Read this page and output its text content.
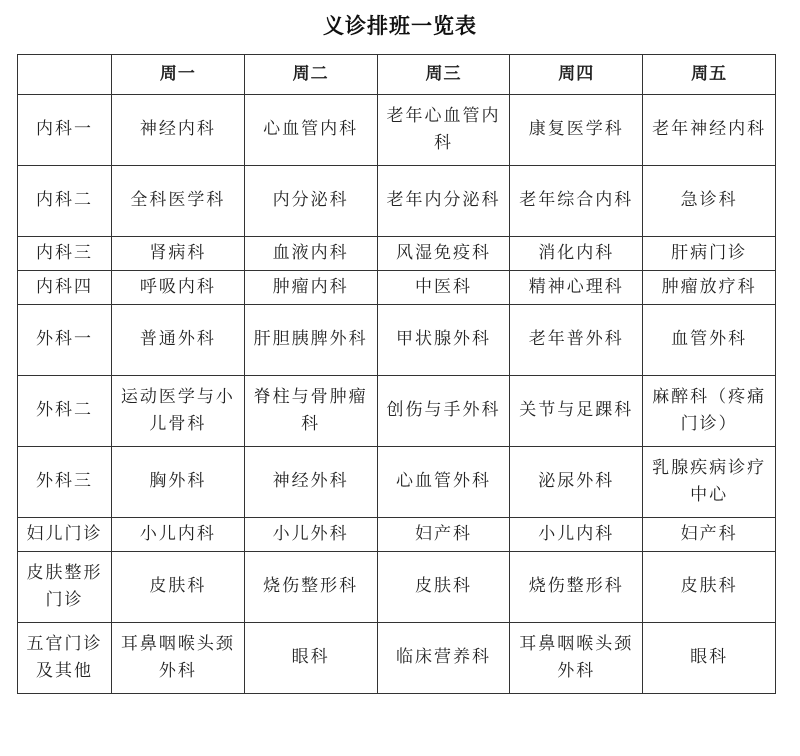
义诊排班一览表
	周一	周二	周三	周四	周五
内科一	神经内科	心血管内科	老年心血管内科	康复医学科	老年神经内科
内科二	全科医学科	内分泌科	老年内分泌科	老年综合内科	急诊科
内科三	肾病科	血液内科	风湿免疫科	消化内科	肝病门诊
内科四	呼吸内科	肿瘤内科	中医科	精神心理科	肿瘤放疗科
外科一	普通外科	肝胆胰脾外科	甲状腺外科	老年普外科	血管外科
外科二	运动医学与小儿骨科	脊柱与骨肿瘤科	创伤与手外科	关节与足踝科	麻醉科（疼痛门诊）
外科三	胸外科	神经外科	心血管外科	泌尿外科	乳腺疾病诊疗中心
妇儿门诊	小儿内科	小儿外科	妇产科	小儿内科	妇产科
皮肤整形门诊	皮肤科	烧伤整形科	皮肤科	烧伤整形科	皮肤科
五官门诊及其他	耳鼻咽喉头颈外科	眼科	临床营养科	耳鼻咽喉头颈外科	眼科
